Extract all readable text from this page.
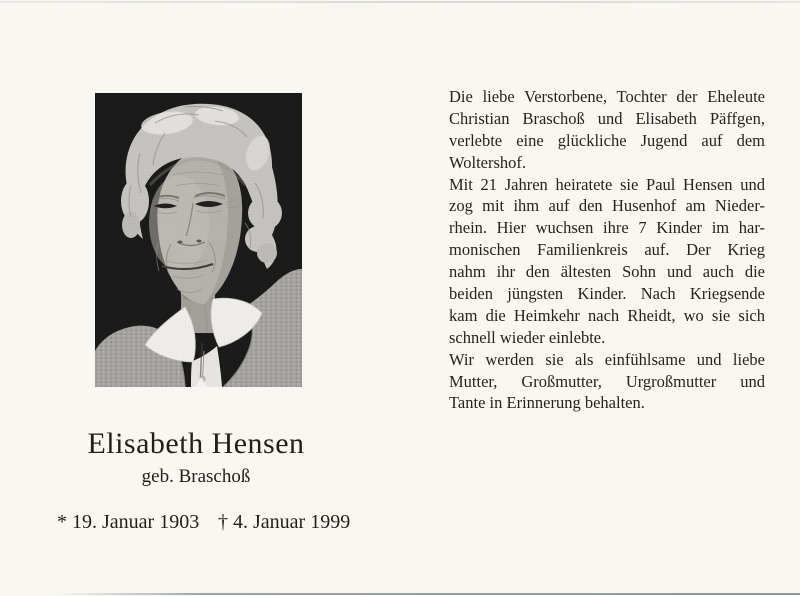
Elisabeth Hensen
geb. Braschoß
* 19. Januar 1903 † 4. Januar 1999
Die liebe Verstorbene, Tochter der Eheleute
Christian Braschoß und Elisabeth Päffgen,
verlebte eine glückliche Jugend auf dem
Woltershof.
Mit 21 Jahren heiratete sie Paul Hensen und
zog mit ihm auf den Husenhof am Nieder-
rhein. Hier wuchsen ihre 7 Kinder im har-
monischen Familienkreis auf. Der Krieg
nahm ihr den ältesten Sohn und auch die
beiden jüngsten Kinder. Nach Kriegsende
kam die Heimkehr nach Rheidt, wo sie sich
schnell wieder einlebte.
Wir werden sie als einfühlsame und liebe
Mutter, Großmutter, Urgroßmutter und
Tante in Erinnerung behalten.
